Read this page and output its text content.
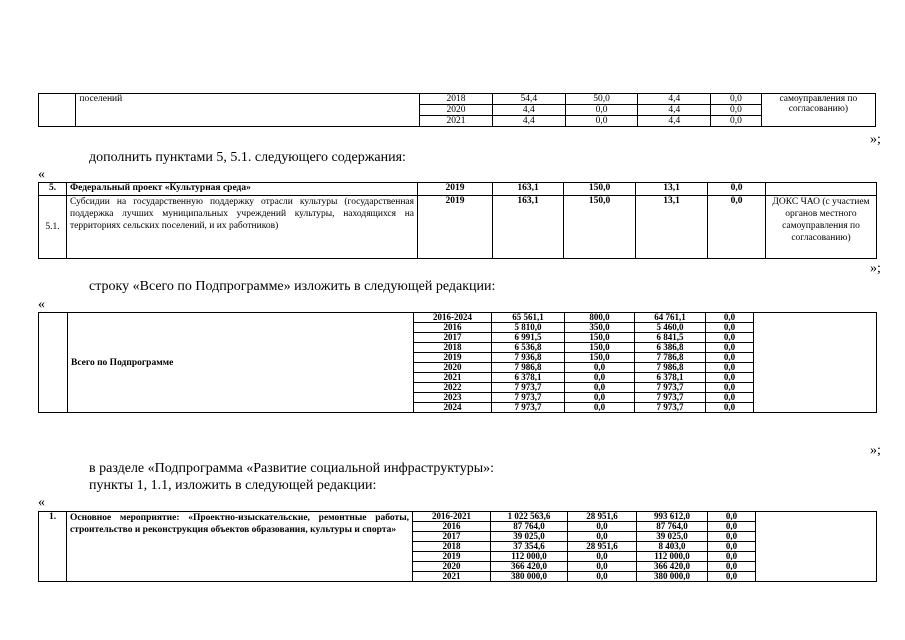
	поселений	2018	54,4	50,0	4,4	0,0	самоуправления по согласованию)
		2020	4,4	0,0	4,4	0,0	
		2021	4,4	0,0	4,4	0,0	
»;
дополнить пунктами 5, 5.1. следующего содержания:
«
5.	Федеральный проект «Культурная среда»	2019	163,1	150,0	13,1	0,0	
5.1.	Субсидии на государственную поддержку отрасли культуры (государственная поддержка лучших муниципальных учреждений культуры, находящихся на территориях сельских поселений, и их работников)	2019	163,1	150,0	13,1	0,0	ДОКС ЧАО (с участием органов местного самоуправления по согласованию)
»;
строку «Всего по Подпрограмме» изложить в следующей редакции:
«
	Всего по Подпрограмме	2016-2024	65 561,1	800,0	64 761,1	0,0	
		2016	5 810,0	350,0	5 460,0	0,0	
		2017	6 991,5	150,0	6 841,5	0,0	
		2018	6 536,8	150,0	6 386,8	0,0	
		2019	7 936,8	150,0	7 786,8	0,0	
		2020	7 986,8	0,0	7 986,8	0,0	
		2021	6 378,1	0,0	6 378,1	0,0	
		2022	7 973,7	0,0	7 973,7	0,0	
		2023	7 973,7	0,0	7 973,7	0,0	
		2024	7 973,7	0,0	7 973,7	0,0	
»;
в разделе «Подпрограмма «Развитие социальной инфраструктуры»:
пункты 1, 1.1, изложить в следующей редакции:
«
1.	Основное мероприятие: «Проектно-изыскательские, ремонтные работы, строительство и реконструкция объектов образования, культуры и спорта»	2016-2021	1 022 563,6	28 951,6	993 612,0	0,0	
		2016	87 764,0	0,0	87 764,0	0,0	
		2017	39 025,0	0,0	39 025,0	0,0	
		2018	37 354,6	28 951,6	8 403,0	0,0	
		2019	112 000,0	0,0	112 000,0	0,0	
		2020	366 420,0	0,0	366 420,0	0,0	
		2021	380 000,0	0,0	380 000,0	0,0	
